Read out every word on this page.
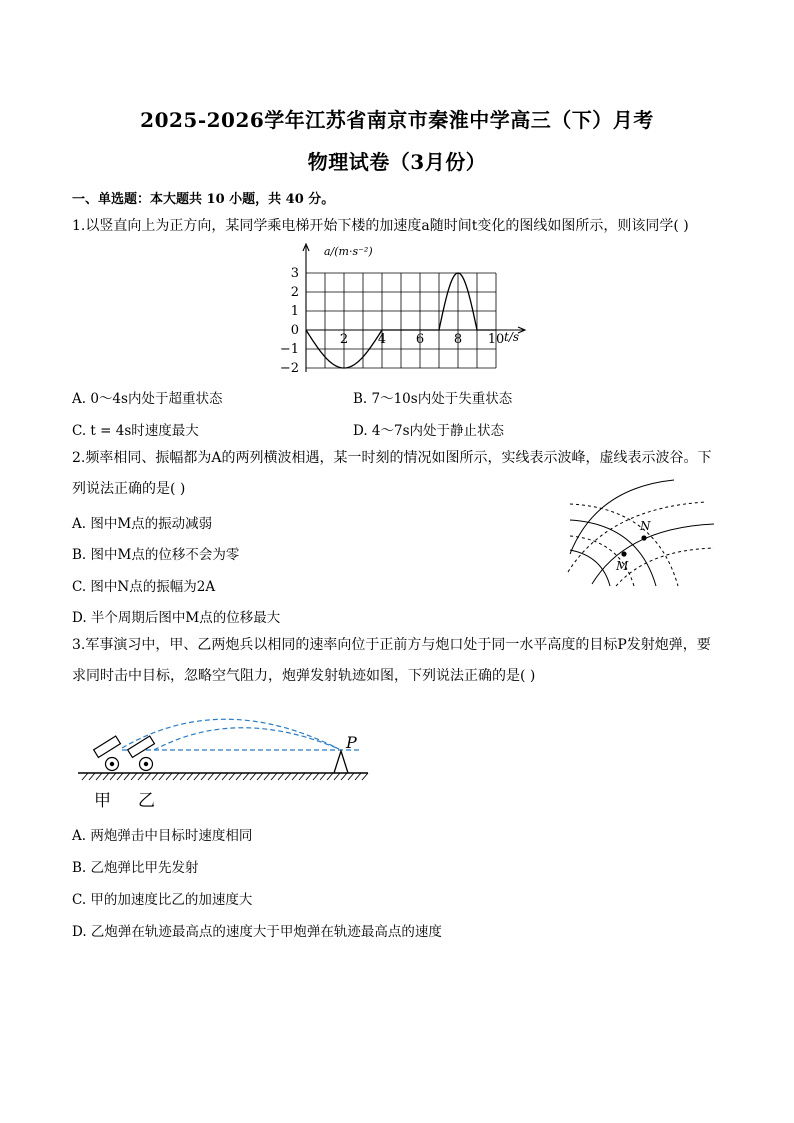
2025-2026学年江苏省南京市秦淮中学高三（下）月考
物理试卷（3月份）
一、单选题：本大题共 10 小题，共 40 分。
1.以竖直向上为正方向，某同学乘电梯开始下楼的加速度a随时间t变化的图线如图所示，则该同学( )
3
2
1
0
−1
−2
2 4 6 8 10
a/(m·s⁻²)
t/s
A. 0～4s内处于超重状态	B. 7～10s内处于失重状态
C. t = 4s时速度最大	D. 4～7s内处于静止状态
2.频率相同、振幅都为A的两列横波相遇，某一时刻的情况如图所示，实线表示波峰，虚线表示波谷。下
列说法正确的是( )
A. 图中M点的振动减弱
B. 图中M点的位移不会为零
C. 图中N点的振幅为2A
D. 半个周期后图中M点的位移最大
N
M
3.军事演习中，甲、乙两炮兵以相同的速率向位于正前方与炮口处于同一水平高度的目标P发射炮弹，要
求同时击中目标，忽略空气阻力，炮弹发射轨迹如图，下列说法正确的是( )
P
甲 乙
A. 两炮弹击中目标时速度相同
B. 乙炮弹比甲先发射
C. 甲的加速度比乙的加速度大
D. 乙炮弹在轨迹最高点的速度大于甲炮弹在轨迹最高点的速度
